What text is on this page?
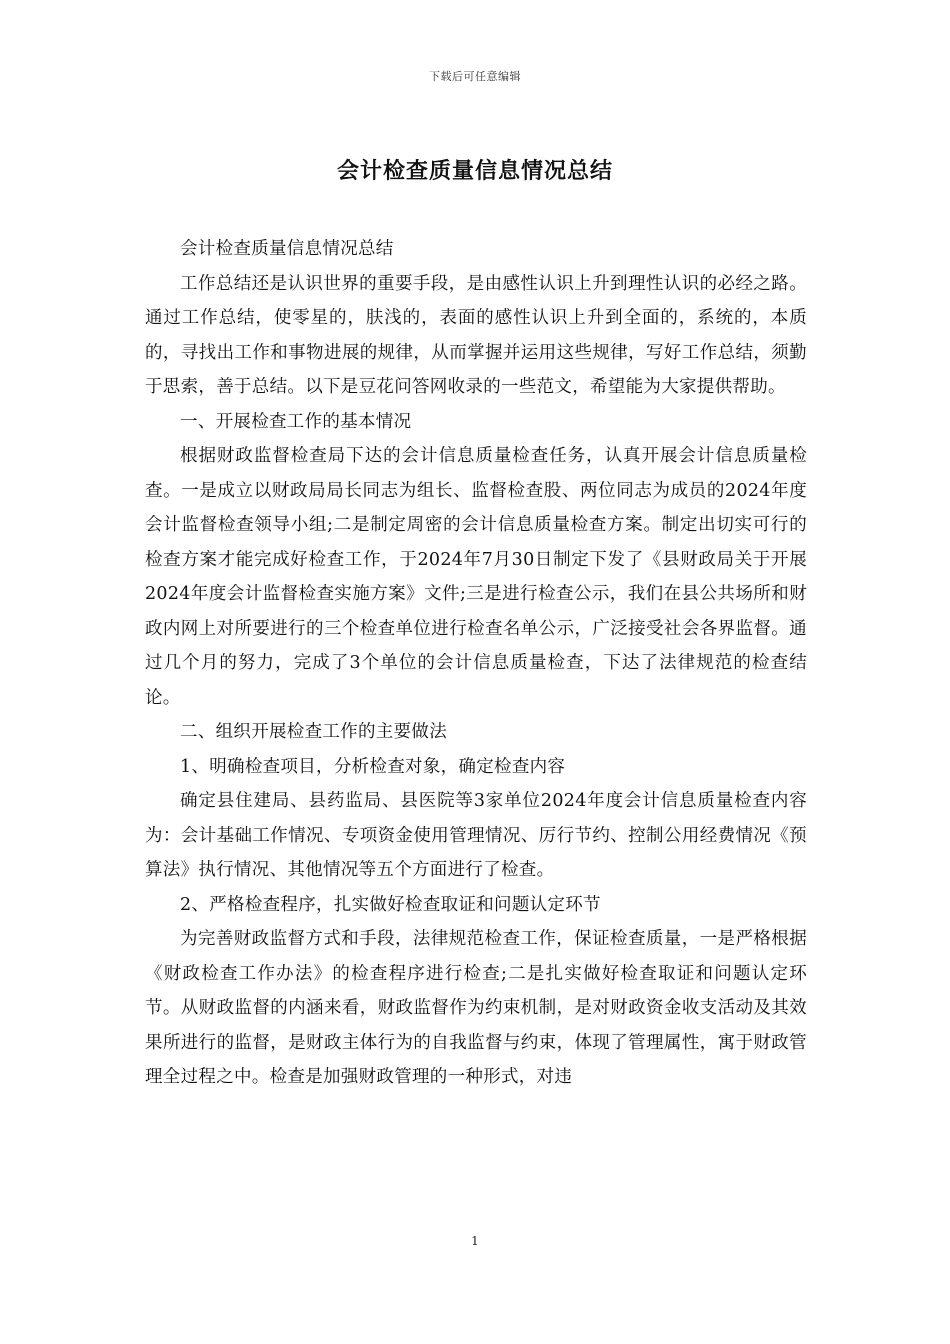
下载后可任意编辑
会计检查质量信息情况总结

会计检查质量信息情况总结

工作总结还是认识世界的重要手段，是由感性认识上升到理性认识的必经之路。通过工作总结，使零星的，肤浅的，表面的感性认识上升到全面的，系统的，本质的，寻找出工作和事物进展的规律，从而掌握并运用这些规律，写好工作总结，须勤于思索，善于总结。以下是豆花问答网收录的一些范文，希望能为大家提供帮助。

一、开展检查工作的基本情况

根据财政监督检查局下达的会计信息质量检查任务，认真开展会计信息质量检查。一是成立以财政局局长同志为组长、监督检查股、两位同志为成员的2024年度会计监督检查领导小组;二是制定周密的会计信息质量检查方案。制定出切实可行的检查方案才能完成好检查工作，于2024年7月30日制定下发了《县财政局关于开展2024年度会计监督检查实施方案》文件;三是进行检查公示，我们在县公共场所和财政内网上对所要进行的三个检查单位进行检查名单公示，广泛接受社会各界监督。通过几个月的努力，完成了3个单位的会计信息质量检查，下达了法律规范的检查结论。

二、组织开展检查工作的主要做法

1、明确检查项目，分析检查对象，确定检查内容

确定县住建局、县药监局、县医院等3家单位2024年度会计信息质量检查内容为：会计基础工作情况、专项资金使用管理情况、厉行节约、控制公用经费情况《预算法》执行情况、其他情况等五个方面进行了检查。

2、严格检查程序，扎实做好检查取证和问题认定环节

为完善财政监督方式和手段，法律规范检查工作，保证检查质量，一是严格根据《财政检查工作办法》的检查程序进行检查;二是扎实做好检查取证和问题认定环节。从财政监督的内涵来看，财政监督作为约束机制，是对财政资金收支活动及其效果所进行的监督，是财政主体行为的自我监督与约束，体现了管理属性，寓于财政管理全过程之中。检查是加强财政管理的一种形式，对违

1
